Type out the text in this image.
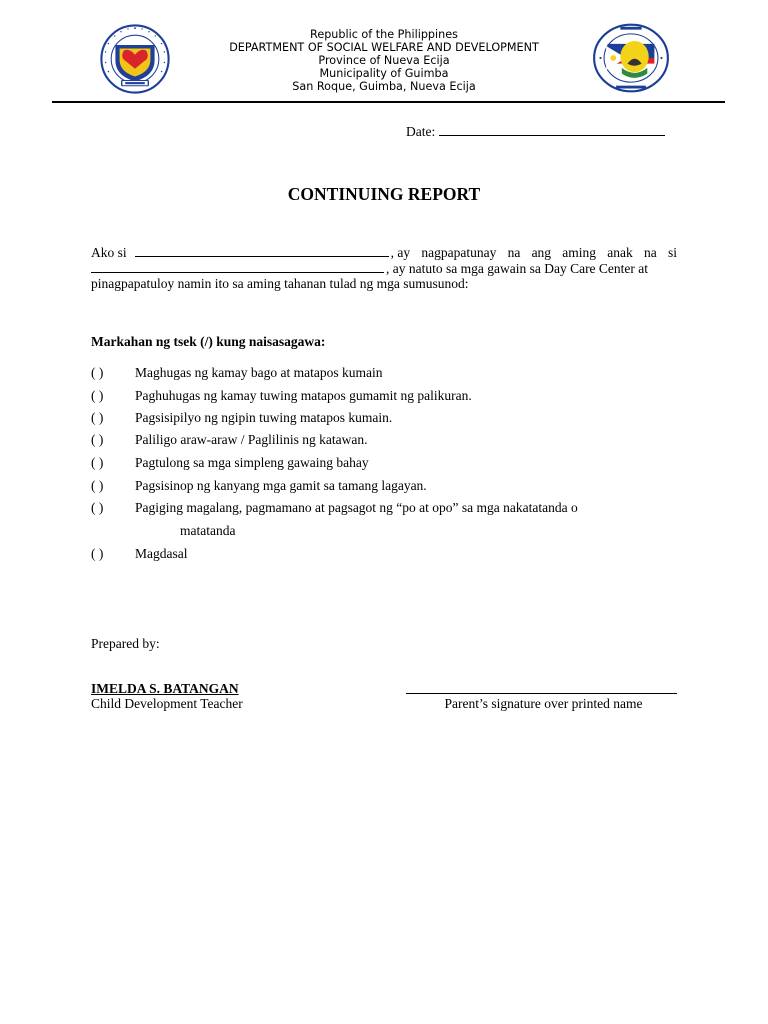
Republic of the Philippines
DEPARTMENT OF SOCIAL WELFARE AND DEVELOPMENT
Province of Nueva Ecija
Municipality of Guimba
San Roque, Guimba, Nueva Ecija
Date:
CONTINUING REPORT
Ako si	, ay nagpapatunay na ang aming anak na si
, ay natuto sa mga gawain sa Day Care Center at
pinagpapatuloy namin ito sa aming tahanan tulad ng mga sumusunod:
Markahan ng tsek (/) kung naisasagawa:
( ) Maghugas ng kamay bago at matapos kumain
( ) Paghuhugas ng kamay tuwing matapos gumamit ng palikuran.
( ) Pagsisipilyo ng ngipin tuwing matapos kumain.
( ) Paliligo araw-araw / Paglilinis ng katawan.
( ) Pagtulong sa mga simpleng gawaing bahay
( ) Pagsisinop ng kanyang mga gamit sa tamang lagayan.
( ) Pagiging magalang, pagmamano at pagsagot ng “po at opo” sa mga nakatatanda o
matatanda
( ) Magdasal
Prepared by:
IMELDA S. BATANGAN
Child Development Teacher	Parent’s signature over printed name
